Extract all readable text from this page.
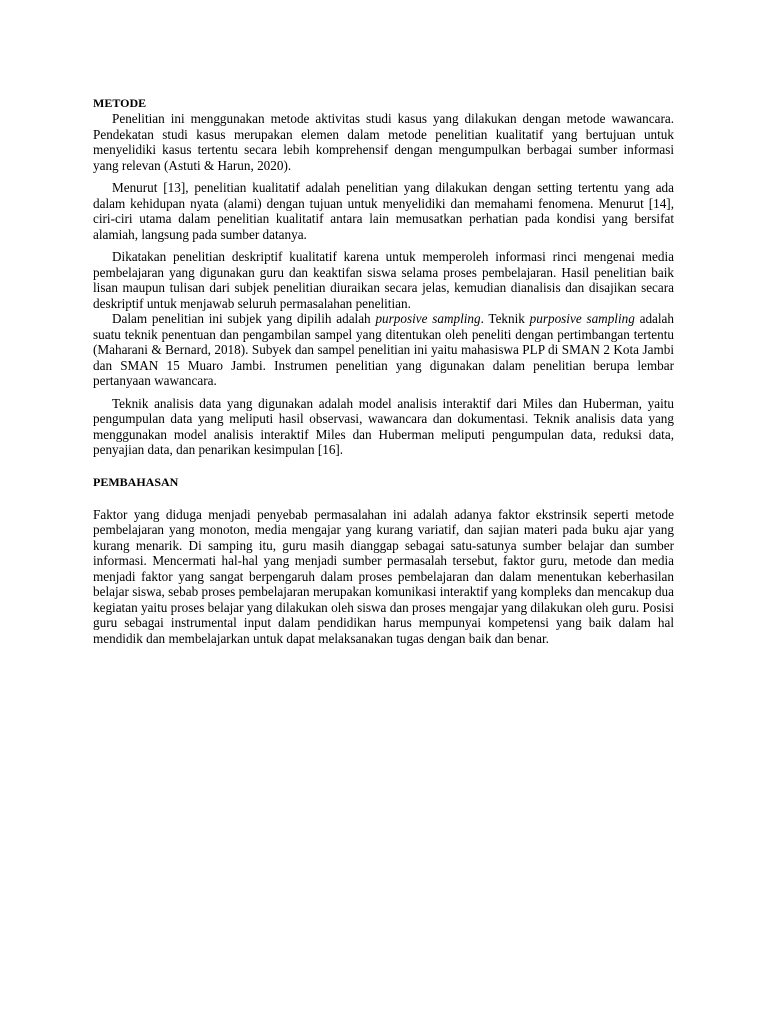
METODE

Penelitian ini menggunakan metode aktivitas studi kasus yang dilakukan dengan metode wawancara. Pendekatan studi kasus merupakan elemen dalam metode penelitian kualitatif yang bertujuan untuk menyelidiki kasus tertentu secara lebih komprehensif dengan mengumpulkan berbagai sumber informasi yang relevan (Astuti & Harun, 2020).

Menurut [13], penelitian kualitatif adalah penelitian yang dilakukan dengan setting tertentu yang ada dalam kehidupan nyata (alami) dengan tujuan untuk menyelidiki dan memahami fenomena. Menurut [14], ciri-ciri utama dalam penelitian kualitatif antara lain memusatkan perhatian pada kondisi yang bersifat alamiah, langsung pada sumber datanya.

Dikatakan penelitian deskriptif kualitatif karena untuk memperoleh informasi rinci mengenai media pembelajaran yang digunakan guru dan keaktifan siswa selama proses pembelajaran. Hasil penelitian baik lisan maupun tulisan dari subjek penelitian diuraikan secara jelas, kemudian dianalisis dan disajikan secara deskriptif untuk menjawab seluruh permasalahan penelitian.

Dalam penelitian ini subjek yang dipilih adalah purposive sampling. Teknik purposive sampling adalah suatu teknik penentuan dan pengambilan sampel yang ditentukan oleh peneliti dengan pertimbangan tertentu (Maharani & Bernard, 2018). Subyek dan sampel penelitian ini yaitu mahasiswa PLP di SMAN 2 Kota Jambi dan SMAN 15 Muaro Jambi. Instrumen penelitian yang digunakan dalam penelitian berupa lembar pertanyaan wawancara.

Teknik analisis data yang digunakan adalah model analisis interaktif dari Miles dan Huberman, yaitu pengumpulan data yang meliputi hasil observasi, wawancara dan dokumentasi. Teknik analisis data yang menggunakan model analisis interaktif Miles dan Huberman meliputi pengumpulan data, reduksi data, penyajian data, dan penarikan kesimpulan [16].

PEMBAHASAN

Faktor yang diduga menjadi penyebab permasalahan ini adalah adanya faktor ekstrinsik seperti metode pembelajaran yang monoton, media mengajar yang kurang variatif, dan sajian materi pada buku ajar yang kurang menarik. Di samping itu, guru masih dianggap sebagai satu-satunya sumber belajar dan sumber informasi. Mencermati hal-hal yang menjadi sumber permasalah tersebut, faktor guru, metode dan media menjadi faktor yang sangat berpengaruh dalam proses pembelajaran dan dalam menentukan keberhasilan belajar siswa, sebab proses pembelajaran merupakan komunikasi interaktif yang kompleks dan mencakup dua kegiatan yaitu proses belajar yang dilakukan oleh siswa dan proses mengajar yang dilakukan oleh guru. Posisi guru sebagai instrumental input dalam pendidikan harus mempunyai kompetensi yang baik dalam hal mendidik dan membelajarkan untuk dapat melaksanakan tugas dengan baik dan benar.
